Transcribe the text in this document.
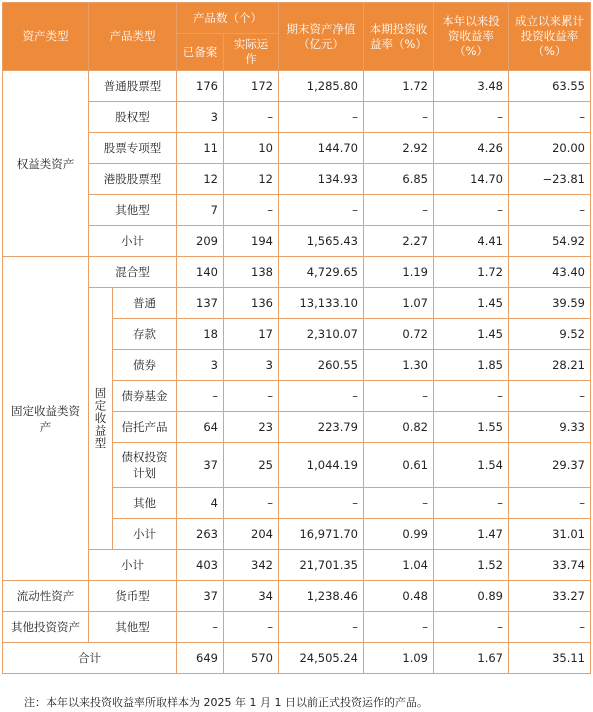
资产类型	产品类型		产品数（个）		期末资产净值（亿元）	本期投资收益率（%）	本年以来投资收益率（%）	成立以来累计投资收益率（%）
			已备案	实际运作				
权益类资产	普通股票型		176	172	1,285.80	1.72	3.48	63.55
	股权型		3	–	–	–	–	–
	股票专项型		11	10	144.70	2.92	4.26	20.00
	港股股票型		12	12	134.93	6.85	14.70	−23.81
	其他型		7	–	–	–	–	–
	小计		209	194	1,565.43	2.27	4.41	54.92
固定收益类资产	混合型		140	138	4,729.65	1.19	1.72	43.40
	固定收益型	普通	137	136	13,133.10	1.07	1.45	39.59
		存款	18	17	2,310.07	0.72	1.45	9.52
		债券	3	3	260.55	1.30	1.85	28.21
		债券基金	–	–	–	–	–	–
		信托产品	64	23	223.79	0.82	1.55	9.33
		债权投资计划	37	25	1,044.19	0.61	1.54	29.37
		其他	4	–	–	–	–	–
		小计	263	204	16,971.70	0.99	1.47	31.01
	小计		403	342	21,701.35	1.04	1.52	33.74
流动性资产	货币型		37	34	1,238.46	0.48	0.89	33.27
其他投资资产	其他型		–	–	–	–	–	–
合计			649	570	24,505.24	1.09	1.67	35.11
注：本年以来投资收益率所取样本为 2025 年 1 月 1 日以前正式投资运作的产品。
